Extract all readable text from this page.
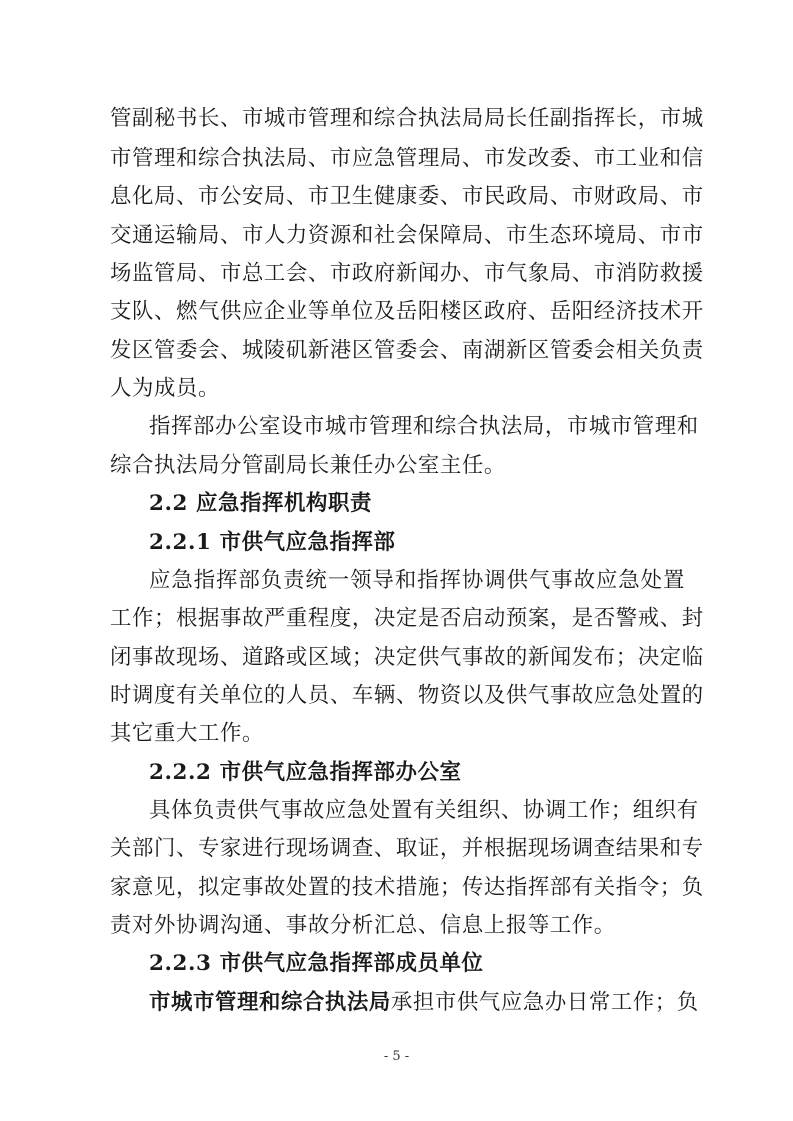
管副秘书长、市城市管理和综合执法局局长任副指挥长，市城
市管理和综合执法局、市应急管理局、市发改委、市工业和信
息化局、市公安局、市卫生健康委、市民政局、市财政局、市
交通运输局、市人力资源和社会保障局、市生态环境局、市市
场监管局、市总工会、市政府新闻办、市气象局、市消防救援
支队、燃气供应企业等单位及岳阳楼区政府、岳阳经济技术开
发区管委会、城陵矶新港区管委会、南湖新区管委会相关负责
人为成员。
指挥部办公室设市城市管理和综合执法局，市城市管理和
综合执法局分管副局长兼任办公室主任。
2.2 应急指挥机构职责
2.2.1 市供气应急指挥部
应急指挥部负责统一领导和指挥协调供气事故应急处置
工作；根据事故严重程度，决定是否启动预案，是否警戒、封
闭事故现场、道路或区域；决定供气事故的新闻发布；决定临
时调度有关单位的人员、车辆、物资以及供气事故应急处置的
其它重大工作。
2.2.2 市供气应急指挥部办公室
具体负责供气事故应急处置有关组织、协调工作；组织有
关部门、专家进行现场调查、取证，并根据现场调查结果和专
家意见，拟定事故处置的技术措施；传达指挥部有关指令；负
责对外协调沟通、事故分析汇总、信息上报等工作。
2.2.3 市供气应急指挥部成员单位
市城市管理和综合执法局承担市供气应急办日常工作；负
- 5 -
